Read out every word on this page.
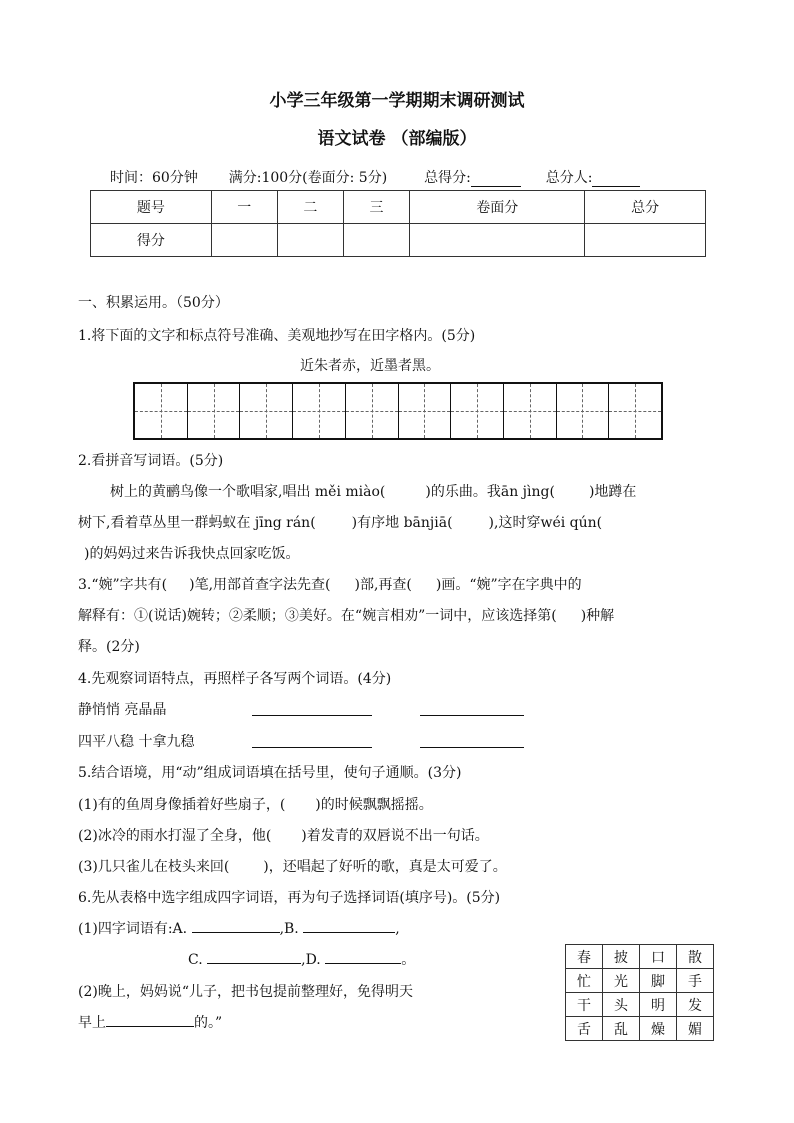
小学三年级第一学期期末调研测试
语文试卷 （部编版）
时间：60分钟 满分:100分(卷面分: 5分)	总得分:	总分人:
题号	一	二	三	卷面分	总分
得分					
一、积累运用。（50分）
1.将下面的文字和标点符号准确、美观地抄写在田字格内。(5分)
近朱者赤，近墨者黑。
2.看拼音写词语。(5分)
树上的黄鹂鸟像一个歌唱家,唱出 měi miào(	)的乐曲。我ān jìng( )地蹲在
树下,看着草丛里一群蚂蚁在 jīng rán(	)有序地 bānjiā(	),这时穿wéi qún(
)的妈妈过来告诉我快点回家吃饭。
3.“婉”字共有( )笔,用部首查字法先查( )部,再查( )画。“婉”字在字典中的
解释有：①(说话)婉转；②柔顺；③美好。在“婉言相劝”一词中，应该选择第( )种解
释。(2分)
4.先观察词语特点，再照样子各写两个词语。(4分)
静悄悄 亮晶晶
四平八稳 十拿九稳
5.结合语境，用“动”组成词语填在括号里，使句子通顺。(3分)
(1)有的鱼周身像插着好些扇子，( )的时候飘飘摇摇。
(2)冰冷的雨水打湿了全身，他( )着发青的双唇说不出一句话。
(3)几只雀儿在枝头来回( )，还唱起了好听的歌，真是太可爱了。
6.先从表格中选字组成四字词语，再为句子选择词语(填序号)。(5分)
(1)四字词语有:A.	,B.	,
C.	,D.	。
(2)晚上，妈妈说“儿子，把书包提前整理好，免得明天
早上	的。”
春	披	口	散
忙	光	脚	手
干	头	明	发
舌	乱	燥	媚
